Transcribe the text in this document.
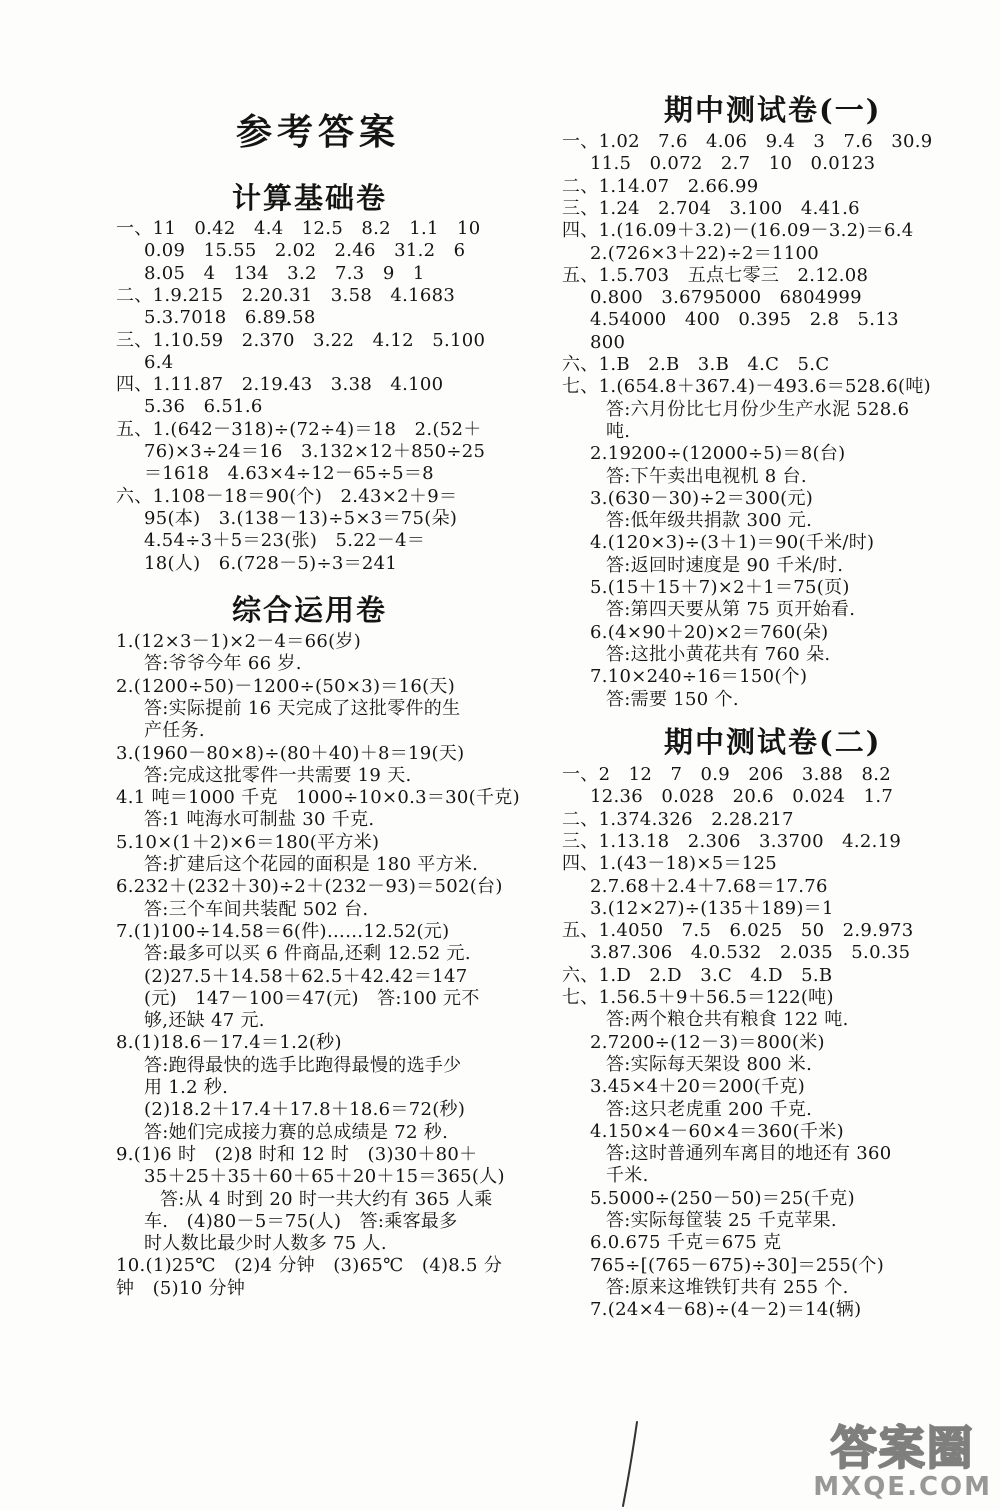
参考答案
计算基础卷
一、11　0.42　4.4　12.5　8.2　1.1　10
0.09　15.55　2.02　2.46　31.2　6
8.05　4　134　3.2　7.3　9　1
二、1.9.215　2.20.31　3.58　4.1683
5.3.7018　6.89.58
三、1.10.59　2.370　3.22　4.12　5.100
6.4
四、1.11.87　2.19.43　3.38　4.100
5.36　6.51.6
五、1.(642－318)÷(72÷4)＝18　2.(52＋
76)×3÷24＝16　3.132×12＋850÷25
＝1618　4.63×4÷12－65÷5＝8
六、1.108－18＝90(个)　2.43×2＋9＝
95(本)　3.(138－13)÷5×3＝75(朵)
4.54÷3＋5＝23(张)　5.22－4＝
18(人)　6.(728－5)÷3＝241
综合运用卷
1.(12×3－1)×2－4＝66(岁)
答:爷爷今年 66 岁.
2.(1200÷50)－1200÷(50×3)＝16(天)
答:实际提前 16 天完成了这批零件的生
产任务.
3.(1960－80×8)÷(80＋40)＋8＝19(天)
答:完成这批零件一共需要 19 天.
4.1 吨＝1000 千克　1000÷10×0.3＝30(千克)
答:1 吨海水可制盐 30 千克.
5.10×(1＋2)×6＝180(平方米)
答:扩建后这个花园的面积是 180 平方米.
6.232＋(232＋30)÷2＋(232－93)＝502(台)
答:三个车间共装配 502 台.
7.(1)100÷14.58＝6(件)……12.52(元)
答:最多可以买 6 件商品,还剩 12.52 元.
(2)27.5＋14.58＋62.5＋42.42＝147
(元)　147－100＝47(元)　答:100 元不
够,还缺 47 元.
8.(1)18.6－17.4＝1.2(秒)
答:跑得最快的选手比跑得最慢的选手少
用 1.2 秒.
(2)18.2＋17.4＋17.8＋18.6＝72(秒)
答:她们完成接力赛的总成绩是 72 秒.
9.(1)6 时　(2)8 时和 12 时　(3)30＋80＋
35＋25＋35＋60＋65＋20＋15＝365(人)
答:从 4 时到 20 时一共大约有 365 人乘
车.　(4)80－5＝75(人)　答:乘客最多
时人数比最少时人数多 75 人.
10.(1)25℃　(2)4 分钟　(3)65℃　(4)8.5 分
钟　(5)10 分钟
期中测试卷(一)
一、1.02　7.6　4.06　9.4　3　7.6　30.9
11.5　0.072　2.7　10　0.0123
二、1.14.07　2.66.99
三、1.24　2.704　3.100　4.41.6
四、1.(16.09＋3.2)－(16.09－3.2)＝6.4
2.(726×3＋22)÷2＝1100
五、1.5.703　五点七零三　2.12.08
0.800　3.6795000　6804999
4.54000　400　0.395　2.8　5.13
800
六、1.B　2.B　3.B　4.C　5.C
七、1.(654.8＋367.4)－493.6＝528.6(吨)
答:六月份比七月份少生产水泥 528.6
吨.
2.19200÷(12000÷5)＝8(台)
答:下午卖出电视机 8 台.
3.(630－30)÷2＝300(元)
答:低年级共捐款 300 元.
4.(120×3)÷(3＋1)＝90(千米/时)
答:返回时速度是 90 千米/时.
5.(15＋15＋7)×2＋1＝75(页)
答:第四天要从第 75 页开始看.
6.(4×90＋20)×2＝760(朵)
答:这批小黄花共有 760 朵.
7.10×240÷16＝150(个)
答:需要 150 个.
期中测试卷(二)
一、2　12　7　0.9　206　3.88　8.2
12.36　0.028　20.6　0.024　1.7
二、1.374.326　2.28.217
三、1.13.18　2.306　3.3700　4.2.19
四、1.(43－18)×5＝125
2.7.68＋2.4＋7.68＝17.76
3.(12×27)÷(135＋189)＝1
五、1.4050　7.5　6.025　50　2.9.973
3.87.306　4.0.532　2.035　5.0.35
六、1.D　2.D　3.C　4.D　5.B
七、1.56.5＋9＋56.5＝122(吨)
答:两个粮仓共有粮食 122 吨.
2.7200÷(12－3)＝800(米)
答:实际每天架设 800 米.
3.45×4＋20＝200(千克)
答:这只老虎重 200 千克.
4.150×4－60×4＝360(千米)
答:这时普通列车离目的地还有 360
千米.
5.5000÷(250－50)＝25(千克)
答:实际每筐装 25 千克苹果.
6.0.675 千克＝675 克
765÷[(765－675)÷30]＝255(个)
答:原来这堆铁钉共有 255 个.
7.(24×4－68)÷(4－2)＝14(辆)
答案圈
MXQE.COM
